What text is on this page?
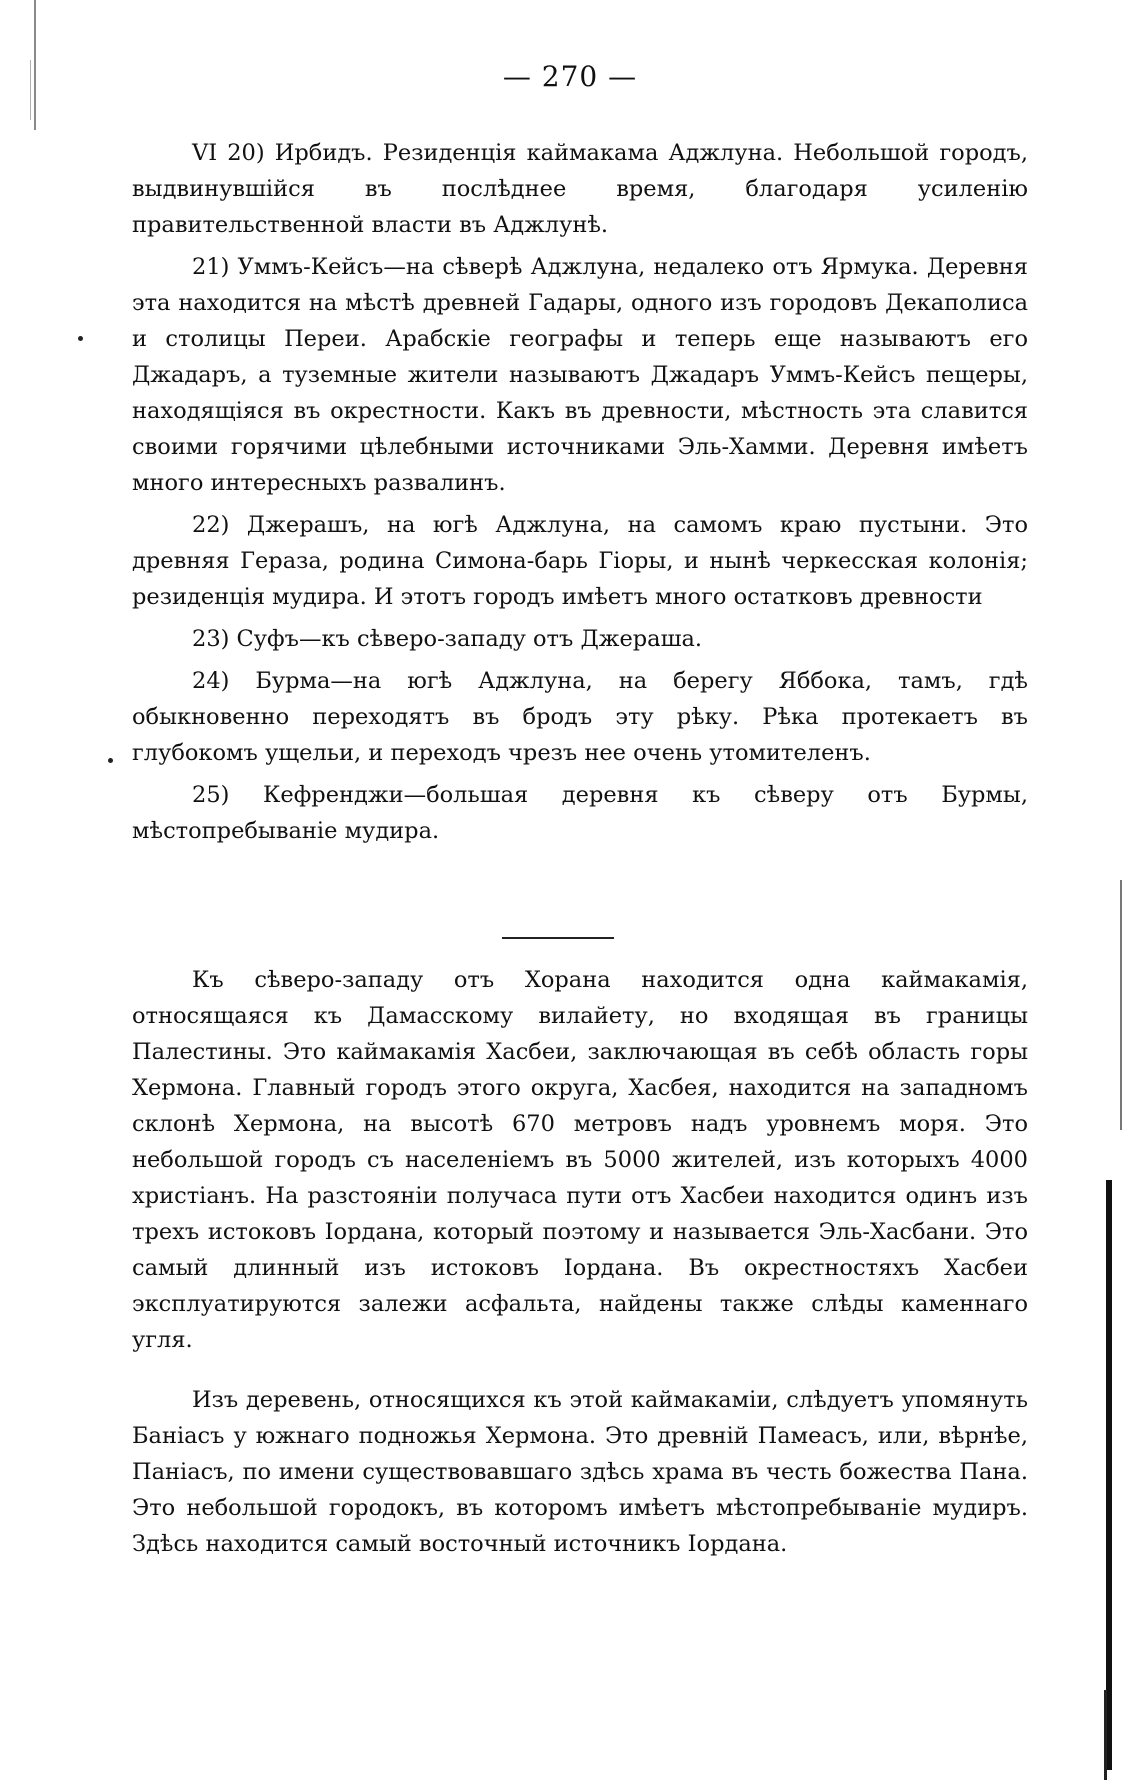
— 270 —

VI 20) Ирбидъ. Резиденція каймакама Аджлуна. Небольшой городъ, выдвинувшійся въ послѣднее время, благодаря усиленію правительственной власти въ Аджлунѣ.

21) Уммъ-Кейсъ—на сѣверѣ Аджлуна, недалеко отъ Ярмука. Деревня эта находится на мѣстѣ древней Гадары, одного изъ городовъ Декаполиса и столицы Переи. Арабскіе географы и теперь еще называютъ его Джадаръ, а туземные жители называютъ Джадаръ Уммъ-Кейсъ пещеры, находящіяся въ окрестности. Какъ въ древности, мѣстность эта славится своими горячими цѣлебными источниками Эль-Хамми. Деревня имѣетъ много интересныхъ развалинъ.

22) Джерашъ, на югѣ Аджлуна, на самомъ краю пустыни. Это древняя Гераза, родина Симона-барь Гіоры, и нынѣ черкесская колонія; резиденція мудира. И этотъ городъ имѣетъ много остатковъ древности

23) Суфъ—къ сѣверо-западу отъ Джераша.

24) Бурма—на югѣ Аджлуна, на берегу Яббока, тамъ, гдѣ обыкновенно переходятъ въ бродъ эту рѣку. Рѣка протекаетъ въ глубокомъ ущельи, и переходъ чрезъ нее очень утомителенъ.

25) Кефренджи—большая деревня къ сѣверу отъ Бурмы, мѣстопребываніе мудира.

Къ сѣверо-западу отъ Хорана находится одна каймакамія, относящаяся къ Дамасскому вилайету, но входящая въ границы Палестины. Это каймакамія Хасбеи, заключающая въ себѣ область горы Хермона. Главный городъ этого округа, Хасбея, находится на западномъ склонѣ Хермона, на высотѣ 670 метровъ надъ уровнемъ моря. Это небольшой городъ съ населеніемъ въ 5000 жителей, изъ которыхъ 4000 христіанъ. На разстояніи получаса пути отъ Хасбеи находится одинъ изъ трехъ истоковъ Іордана, который поэтому и называется Эль-Хасбани. Это самый длинный изъ истоковъ Іордана. Въ окрестностяхъ Хасбеи эксплуатируются залежи асфальта, найдены также слѣды каменнаго угля.

Изъ деревень, относящихся къ этой каймакаміи, слѣдуетъ упомянуть Баніасъ у южнаго подножья Хермона. Это древній Памеасъ, или, вѣрнѣе, Паніасъ, по имени существовавшаго здѣсь храма въ честь божества Пана. Это небольшой городокъ, въ которомъ имѣетъ мѣстопребываніе мудиръ. Здѣсь находится самый восточный источникъ Іордана.
